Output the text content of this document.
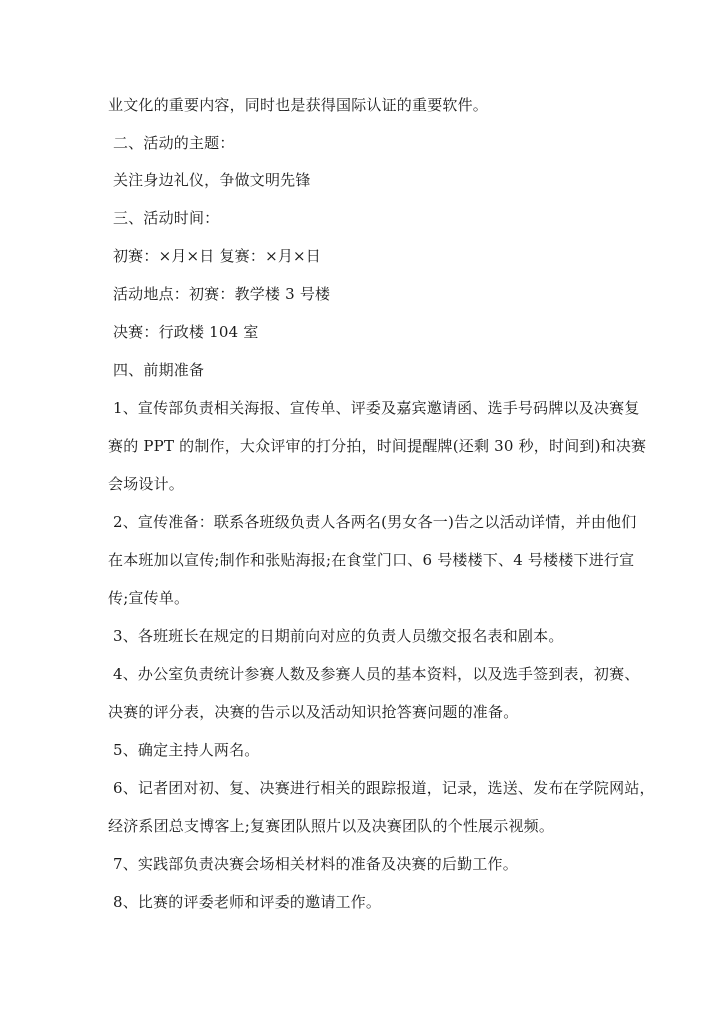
业文化的重要内容，同时也是获得国际认证的重要软件。
二、活动的主题：
关注身边礼仪，争做文明先锋
三、活动时间：
初赛：×月×日 复赛：×月×日
活动地点：初赛：教学楼 3 号楼
决赛：行政楼 104 室
四、前期准备
1、宣传部负责相关海报、宣传单、评委及嘉宾邀请函、选手号码牌以及决赛复
赛的 PPT 的制作，大众评审的打分拍，时间提醒牌(还剩 30 秒，时间到)和决赛
会场设计。
2、宣传准备：联系各班级负责人各两名(男女各一)告之以活动详情，并由他们
在本班加以宣传;制作和张贴海报;在食堂门口、6 号楼楼下、4 号楼楼下进行宣
传;宣传单。
3、各班班长在规定的日期前向对应的负责人员缴交报名表和剧本。
4、办公室负责统计参赛人数及参赛人员的基本资料，以及选手签到表，初赛、
决赛的评分表，决赛的告示以及活动知识抢答赛问题的准备。
5、确定主持人两名。
6、记者团对初、复、决赛进行相关的跟踪报道，记录，选送、发布在学院网站，
经济系团总支博客上;复赛团队照片以及决赛团队的个性展示视频。
7、实践部负责决赛会场相关材料的准备及决赛的后勤工作。
8、比赛的评委老师和评委的邀请工作。
